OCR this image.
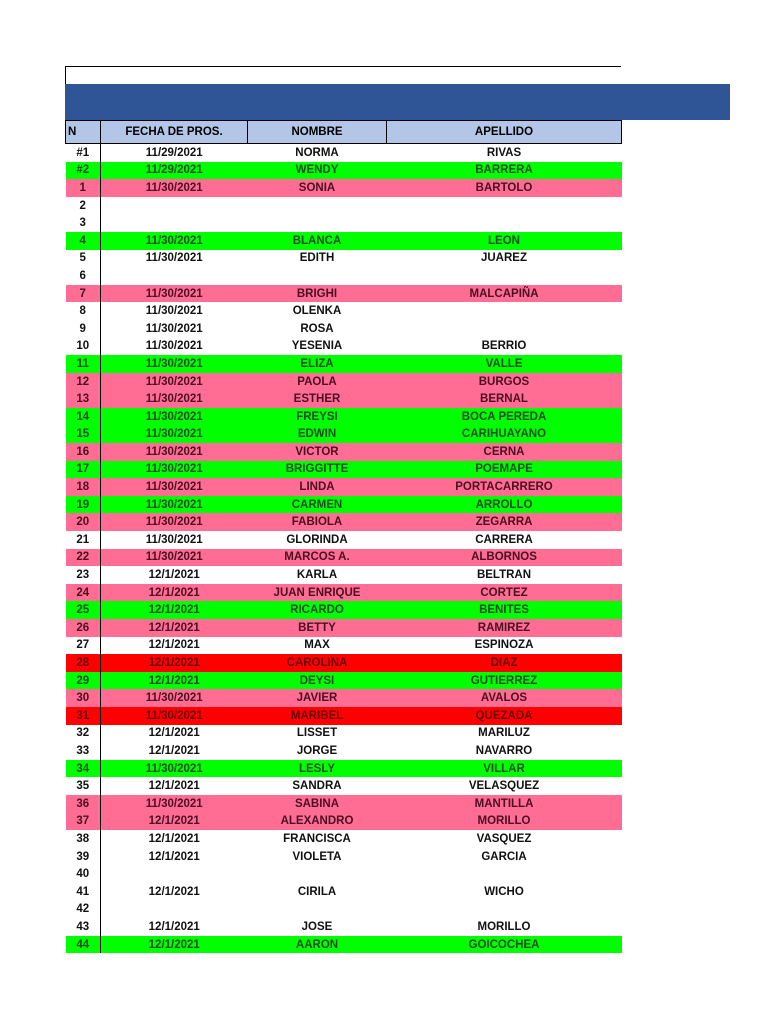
N	FECHA DE PROS.	NOMBRE	APELLIDO
#1	11/29/2021	NORMA	RIVAS
#2	11/29/2021	WENDY	BARRERA
1	11/30/2021	SONIA	BARTOLO
2			
3			
4	11/30/2021	BLANCA	LEON
5	11/30/2021	EDITH	JUAREZ
6			
7	11/30/2021	BRIGHI	MALCAPIÑA
8	11/30/2021	OLENKA	
9	11/30/2021	ROSA	
10	11/30/2021	YESENIA	BERRIO
11	11/30/2021	ELIZA	VALLE
12	11/30/2021	PAOLA	BURGOS
13	11/30/2021	ESTHER	BERNAL
14	11/30/2021	FREYSI	BOCA PEREDA
15	11/30/2021	EDWIN	CARIHUAYANO
16	11/30/2021	VICTOR	CERNA
17	11/30/2021	BRIGGITTE	POEMAPE
18	11/30/2021	LINDA	PORTACARRERO
19	11/30/2021	CARMEN	ARROLLO
20	11/30/2021	FABIOLA	ZEGARRA
21	11/30/2021	GLORINDA	CARRERA
22	11/30/2021	MARCOS A.	ALBORNOS
23	12/1/2021	KARLA	BELTRAN
24	12/1/2021	JUAN ENRIQUE	CORTEZ
25	12/1/2021	RICARDO	BENITES
26	12/1/2021	BETTY	RAMIREZ
27	12/1/2021	MAX	ESPINOZA
28	12/1/2021	CAROLINA	DIAZ
29	12/1/2021	DEYSI	GUTIERREZ
30	11/30/2021	JAVIER	AVALOS
31	11/30/2021	MARIBEL	QUEZADA
32	12/1/2021	LISSET	MARILUZ
33	12/1/2021	JORGE	NAVARRO
34	11/30/2021	LESLY	VILLAR
35	12/1/2021	SANDRA	VELASQUEZ
36	11/30/2021	SABINA	MANTILLA
37	12/1/2021	ALEXANDRO	MORILLO
38	12/1/2021	FRANCISCA	VASQUEZ
39	12/1/2021	VIOLETA	GARCIA
40			
41	12/1/2021	CIRILA	WICHO
42			
43	12/1/2021	JOSE	MORILLO
44	12/1/2021	AARON	GOICOCHEA
